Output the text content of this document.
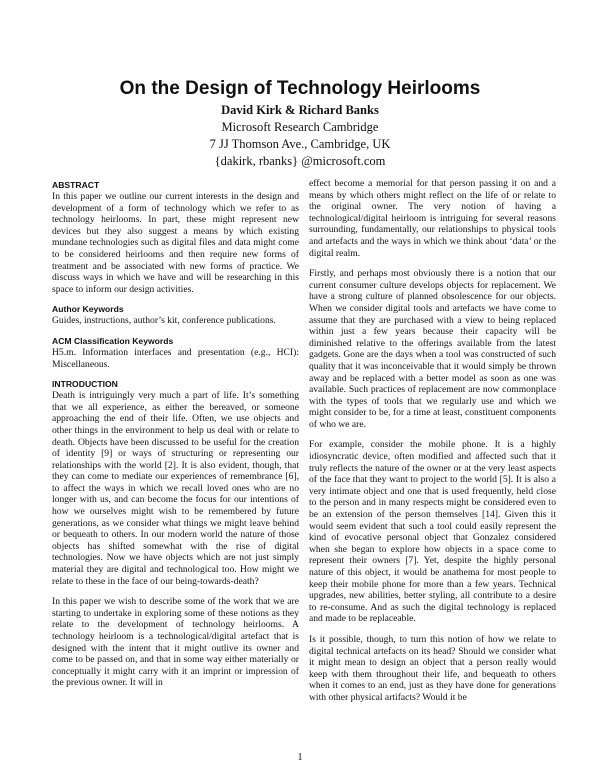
On the Design of Technology Heirlooms
David Kirk & Richard Banks
Microsoft Research Cambridge
7 JJ Thomson Ave., Cambridge, UK
{dakirk, rbanks} @microsoft.com
ABSTRACT

In this paper we outline our current interests in the design and development of a form of technology which we refer to as technology heirlooms. In part, these might represent new devices but they also suggest a means by which existing mundane technologies such as digital files and data might come to be considered heirlooms and then require new forms of treatment and be associated with new forms of practice. We discuss ways in which we have and will be researching in this space to inform our design activities.

Author Keywords

Guides, instructions, author’s kit, conference publications.

ACM Classification Keywords

H5.m. Information interfaces and presentation (e.g., HCI): Miscellaneous.

INTRODUCTION

Death is intriguingly very much a part of life. It’s something that we all experience, as either the bereaved, or someone approaching the end of their life. Often, we use objects and other things in the environment to help us deal with or relate to death. Objects have been discussed to be useful for the creation of identity [9] or ways of structuring or representing our relationships with the world [2]. It is also evident, though, that they can come to mediate our experiences of remembrance [6], to affect the ways in which we recall loved ones who are no longer with us, and can become the focus for our intentions of how we ourselves might wish to be remembered by future generations, as we consider what things we might leave behind or bequeath to others. In our modern world the nature of those objects has shifted somewhat with the rise of digital technologies. Now we have objects which are not just simply material they are digital and technological too. How might we relate to these in the face of our being-towards-death?

In this paper we wish to describe some of the work that we are starting to undertake in exploring some of these notions as they relate to the development of technology heirlooms. A technology heirloom is a technological/digital artefact that is designed with the intent that it might outlive its owner and come to be passed on, and that in some way either materially or conceptually it might carry with it an imprint or impression of the previous owner. It will in

effect become a memorial for that person passing it on and a means by which others might reflect on the life of or relate to the original owner. The very notion of having a technological/digital heirloom is intriguing for several reasons surrounding, fundamentally, our relationships to physical tools and artefacts and the ways in which we think about ‘data’ or the digital realm.

Firstly, and perhaps most obviously there is a notion that our current consumer culture develops objects for replacement. We have a strong culture of planned obsolescence for our objects. When we consider digital tools and artefacts we have come to assume that they are purchased with a view to being replaced within just a few years because their capacity will be diminished relative to the offerings available from the latest gadgets. Gone are the days when a tool was constructed of such quality that it was inconceivable that it would simply be thrown away and be replaced with a better model as soon as one was available. Such practices of replacement are now commonplace with the types of tools that we regularly use and which we might consider to be, for a time at least, constituent components of who we are.

For example, consider the mobile phone. It is a highly idiosyncratic device, often modified and affected such that it truly reflects the nature of the owner or at the very least aspects of the face that they want to project to the world [5]. It is also a very intimate object and one that is used frequently, held close to the person and in many respects might be considered even to be an extension of the person themselves [14]. Given this it would seem evident that such a tool could easily represent the kind of evocative personal object that Gonzalez considered when she began to explore how objects in a space come to represent their owners [7]. Yet, despite the highly personal nature of this object, it would be anathema for most people to keep their mobile phone for more than a few years. Technical upgrades, new abilities, better styling, all contribute to a desire to re-consume. And as such the digital technology is replaced and made to be replaceable.

Is it possible, though, to turn this notion of how we relate to digital technical artefacts on its head? Should we consider what it might mean to design an object that a person really would keep with them throughout their life, and bequeath to others when it comes to an end, just as they have done for generations with other physical artifacts? Would it be

1
